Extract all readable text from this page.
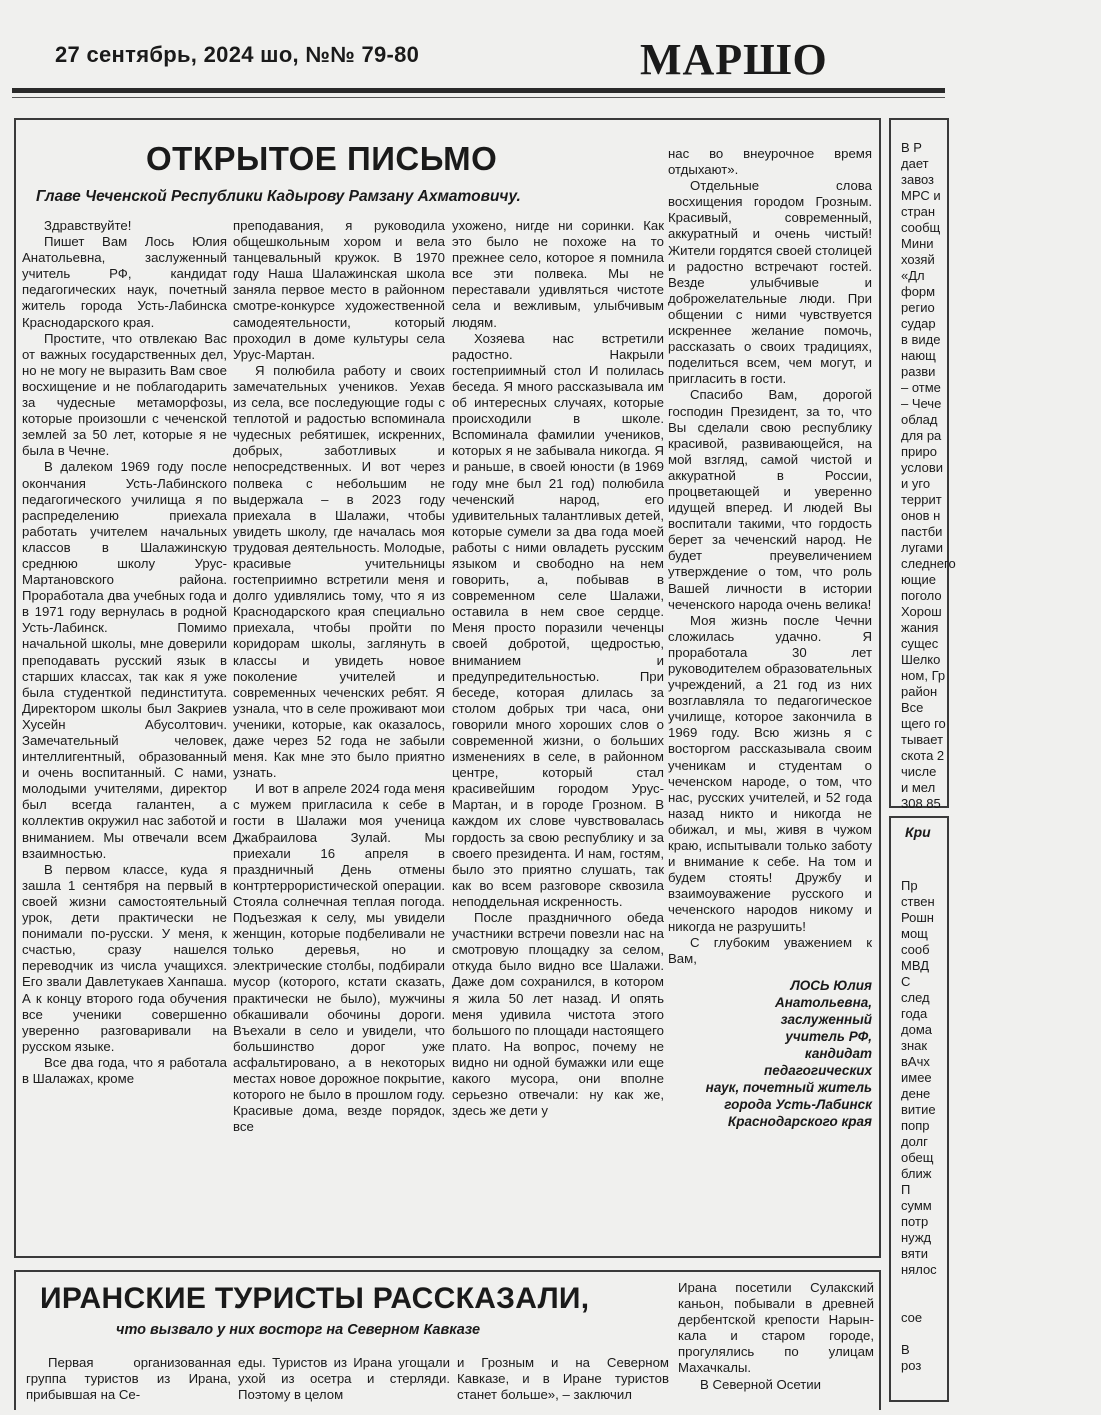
27 сентябрь, 2024 шо, №№ 79-80	МАРШО
ОТКРЫТОЕ ПИСЬМО
Главе Чеченской Республики Кадырову Рамзану Ахматовичу.

Здравствуйте!

Пишет Вам Лось Юлия Анатольевна, заслуженный учитель РФ, кандидат педагогических наук, почетный житель города Усть-Лабинска Краснодарского края.

Простите, что отвлекаю Вас от важных государственных дел, но не могу не выразить Вам свое восхищение и не поблагодарить за чудесные метаморфозы, которые произошли с чеченской землей за 50 лет, которые я не была в Чечне.

В далеком 1969 году после окончания Усть-Лабинского педагогического училища я по распределению приехала работать учителем начальных классов в Шалажинскую среднюю школу Урус-Мартановского района. Проработала два учебных года и в 1971 году вернулась в родной Усть-Лабинск. Помимо начальной школы, мне доверили преподавать русский язык в старших классах, так как я уже была студенткой пединститута. Директором школы был Закриев Хусейн Абусолтович. Замечательный человек, интеллигентный, образованный и очень воспитанный. С нами, молодыми учителями, директор был всегда галантен, а коллектив окружил нас заботой и вниманием. Мы отвечали всем взаимностью.

В первом классе, куда я зашла 1 сентября на первый в своей жизни самостоятельный урок, дети практически не понимали по-русски. У меня, к счастью, сразу нашелся переводчик из числа учащихся. Его звали Давлетукаев Ханпаша. А к концу второго года обучения все ученики совершенно уверенно разговаривали на русском языке.

Все два года, что я работала в Шалажах, кроме

преподавания, я руководила общешкольным хором и вела танцевальный кружок. В 1970 году Наша Шалажинская школа заняла первое место в районном смотре-конкурсе художественной самодеятельности, который проходил в доме культуры села Урус-Мартан.

Я полюбила работу и своих замечательных учеников. Уехав из села, все последующие годы с теплотой и радостью вспоминала чудесных ребятишек, искренних, добрых, заботливых и непосредственных. И вот через полвека с небольшим не выдержала – в 2023 году приехала в Шалажи, чтобы увидеть школу, где началась моя трудовая деятельность. Молодые, красивые учительницы гостеприимно встретили меня и долго удивлялись тому, что я из Краснодарского края специально приехала, чтобы пройти по коридорам школы, заглянуть в классы и увидеть новое поколение учителей и современных чеченских ребят. Я узнала, что в селе проживают мои ученики, которые, как оказалось, даже через 52 года не забыли меня. Как мне это было приятно узнать.

И вот в апреле 2024 года меня с мужем пригласила к себе в гости в Шалажи моя ученица Джабраилова Зулай. Мы приехали 16 апреля в праздничный День отмены контртеррористической операции. Стояла солнечная теплая погода. Подъезжая к селу, мы увидели женщин, которые подбеливали не только деревья, но и электрические столбы, подбирали мусор (которого, кстати сказать, практически не было), мужчины обкашивали обочины дороги. Въехали в село и увидели, что большинство дорог уже асфальтировано, а в некоторых местах новое дорожное покрытие, которого не было в прошлом году. Красивые дома, везде порядок, все

ухожено, нигде ни соринки. Как это было не похоже на то прежнее село, которое я помнила все эти полвека. Мы не переставали удивляться чистоте села и вежливым, улыбчивым людям.

Хозяева нас встретили радостно. Накрыли гостеприимный стол И полилась беседа. Я много рассказывала им об интересных случаях, которые происходили в школе. Вспоминала фамилии учеников, которых я не забывала никогда. Я и раньше, в своей юности (в 1969 году мне был 21 год) полюбила чеченский народ, его удивительных талантливых детей, которые сумели за два года моей работы с ними овладеть русским языком и свободно на нем говорить, а, побывав в современном селе Шалажи, оставила в нем свое сердце. Меня просто поразили чеченцы своей добротой, щедростью, вниманием и предупредительностью. При беседе, которая длилась за столом добрых три часа, они говорили много хороших слов о современной жизни, о больших изменениях в селе, в районном центре, который стал красивейшим городом Урус-Мартан, и в городе Грозном. В каждом их слове чувствовалась гордость за свою республику и за своего президента. И нам, гостям, было это приятно слушать, так как во всем разговоре сквозила неподдельная искренность.

После праздничного обеда участники встречи повезли нас на смотровую площадку за селом, откуда было видно все Шалажи. Даже дом сохранился, в котором я жила 50 лет назад. И опять меня удивила чистота этого большого по площади настоящего плато. На вопрос, почему не видно ни одной бумажки или еще какого мусора, они вполне серьезно отвечали: ну как же, здесь же дети у

нас во внеурочное время отдыхают».

Отдельные слова восхищения городом Грозным. Красивый, современный, аккуратный и очень чистый! Жители гордятся своей столицей и радостно встречают гостей. Везде улыбчивые и доброжелательные люди. При общении с ними чувствуется искреннее желание помочь, рассказать о своих традициях, поделиться всем, чем могут, и пригласить в гости.

Спасибо Вам, дорогой господин Президент, за то, что Вы сделали свою республику красивой, развивающейся, на мой взгляд, самой чистой и аккуратной в России, процветающей и уверенно идущей вперед. И людей Вы воспитали такими, что гордость берет за чеченский народ. Не будет преувеличением утверждение о том, что роль Вашей личности в истории чеченского народа очень велика!

Моя жизнь после Чечни сложилась удачно. Я проработала 30 лет руководителем образовательных учреждений, а 21 год из них возглавляла то педагогическое училище, которое закончила в 1969 году. Всю жизнь я с восторгом рассказывала своим ученикам и студентам о чеченском народе, о том, что нас, русских учителей, и 52 года назад никто и никогда не обижал, и мы, живя в чужом краю, испытывали только заботу и внимание к себе. На том и будем стоять! Дружбу и взаимоуважение русского и чеченского народов никому и никогда не разрушить!

С глубоким уважением к Вам,

ЛОСЬ Юлия
Анатольевна,
заслуженный
учитель РФ,
кандидат
педагогических
наук, почетный житель
города Усть-Лабинск
Краснодарского края
В Р
дает
завоз
МРС и
стран
сообщ
Мини
хозяй
«Дл
форм
регио
судар
в виде
нающ
разви
– отме
– Чече
облад
для ра
приро
услови
и уго
террит
онов н
пастби
лугами
следнего
ющие
поголо
Хорош
жания
сущес
Шелко
ном, Гр
район
Все
щего го
тывает
скота 2
числе
и мел
308 85
Кри
Пр
ствен
Рошн
мощ
сооб
МВД
С
след
года
дома
знак
вАчх
имее
дене
витие
попр
долг
обещ
ближ
П
сумм
потр
нужд
вяти
нялос

сое

В
роз
ИРАНСКИЕ ТУРИСТЫ РАССКАЗАЛИ,
что вызвало у них восторг на Северном Кавказе

Первая организованная группа туристов из Ирана, прибывшая на Се-

еды. Туристов из Ирана угощали ухой из осетра и стерляди. Поэтому в целом

и Грозным и на Северном Кавказе, и в Иране туристов станет больше», – заключил

Ирана посетили Сулакский каньон, побывали в древней дербентской крепости Нарын-кала и старом городе, прогулялись по улицам Махачкалы.

В Северной Осетии
